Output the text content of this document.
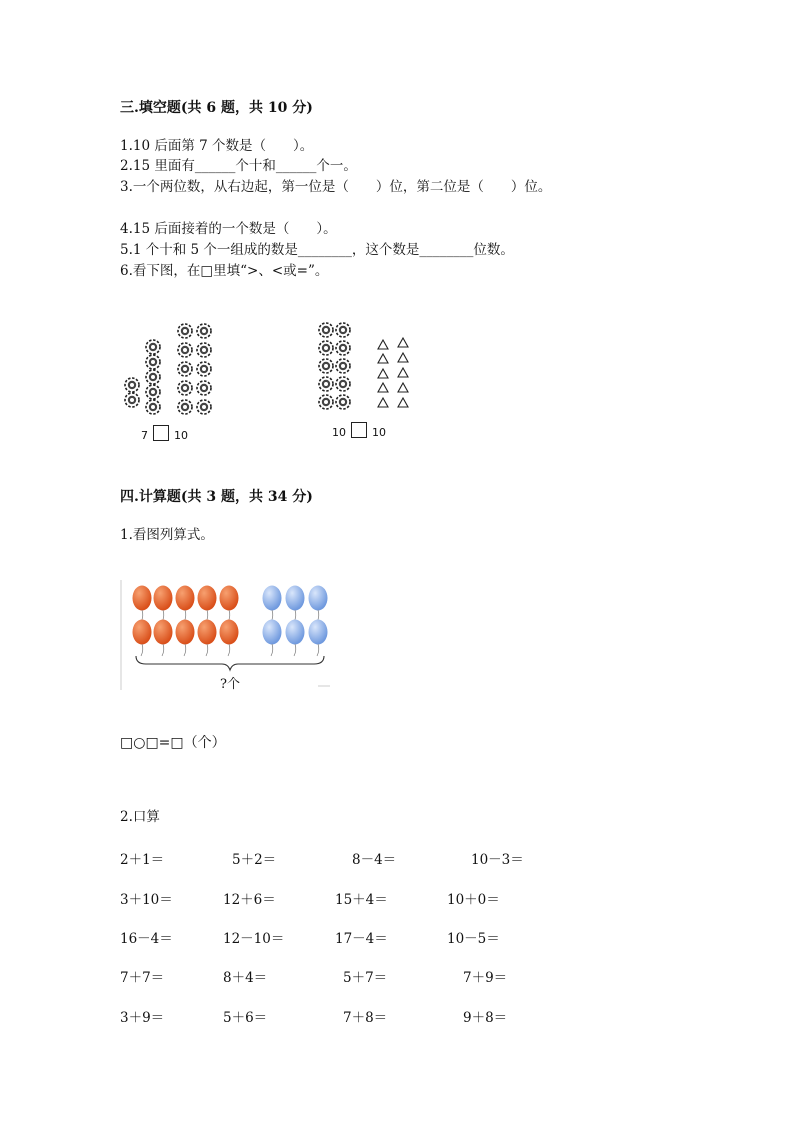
三.填空题(共 6 题，共 10 分)
1.10 后面第 7 个数是（　　）。
2.15 里面有______个十和______个一。
3.一个两位数，从右边起，第一位是（　　）位，第二位是（　　）位。
4.15 后面接着的一个数是（　　）。
5.1 个十和 5 个一组成的数是________，这个数是________位数。
6.看下图，在□里填“>、<或=”。
7 10	10 10
四.计算题(共 3 题，共 34 分)
1.看图列算式。
?个
□○□=□（个）
2.口算
2＋1＝	5＋2＝	8－4＝	10－3＝
3＋10＝	12＋6＝	15＋4＝	10＋0＝
16－4＝	12－10＝	17－4＝	10－5＝
7＋7＝	8＋4＝	5＋7＝	7＋9＝
3＋9＝	5＋6＝	7＋8＝	9＋8＝
